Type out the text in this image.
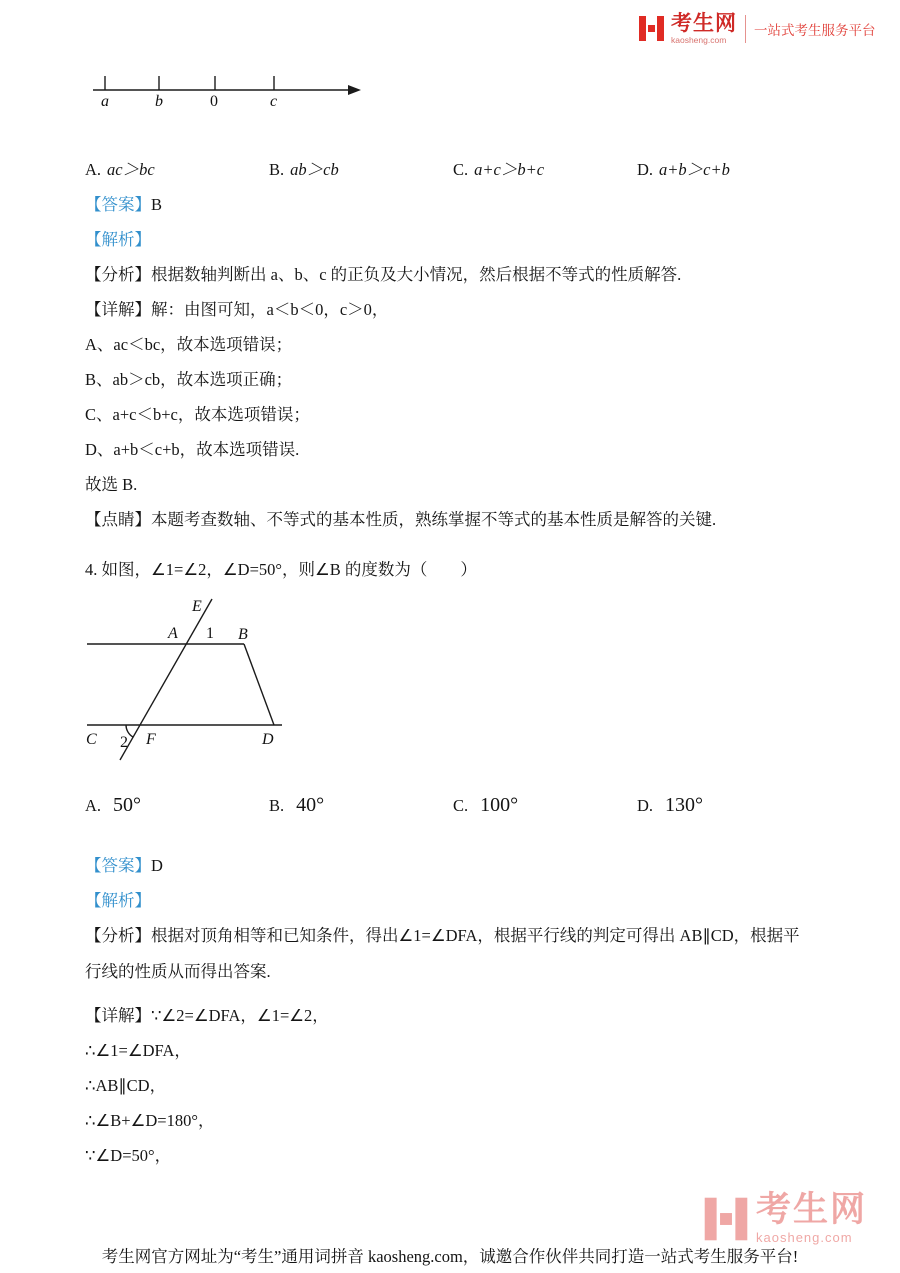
考生网
kaosheng.com
一站式考生服务平台
a	b	0	c
A. ac＞bc	B. ab＞cb	C. a+c＞b+c	D. a+b＞c+b

【答案】B

【解析】

【分析】根据数轴判断出 a、b、c 的正负及大小情况，然后根据不等式的性质解答.

【详解】解：由图可知，a＜b＜0，c＞0，

A、ac＜bc，故本选项错误；

B、ab＞cb，故本选项正确；

C、a+c＜b+c，故本选项错误；

D、a+b＜c+b，故本选项错误.

故选 B.

【点睛】本题考查数轴、不等式的基本性质，熟练掌握不等式的基本性质是解答的关键.

4. 如图，∠1=∠2，∠D=50°，则∠B 的度数为（　　）

E
A 1 B
C 2 F	D
A. 50°	B. 40°	C. 100°	D. 130°

【答案】D

【解析】

【分析】根据对顶角相等和已知条件，得出∠1=∠DFA，根据平行线的判定可得出 AB∥CD，根据平行线的性质从而得出答案.

【详解】∵∠2=∠DFA，∠1=∠2，

∴∠1=∠DFA，

∴AB∥CD，

∴∠B+∠D=180°，

∵∠D=50°，

考生网
kaosheng.com
考生网官方网址为“考生”通用词拼音 kaosheng.com，诚邀合作伙伴共同打造一站式考生服务平台!
